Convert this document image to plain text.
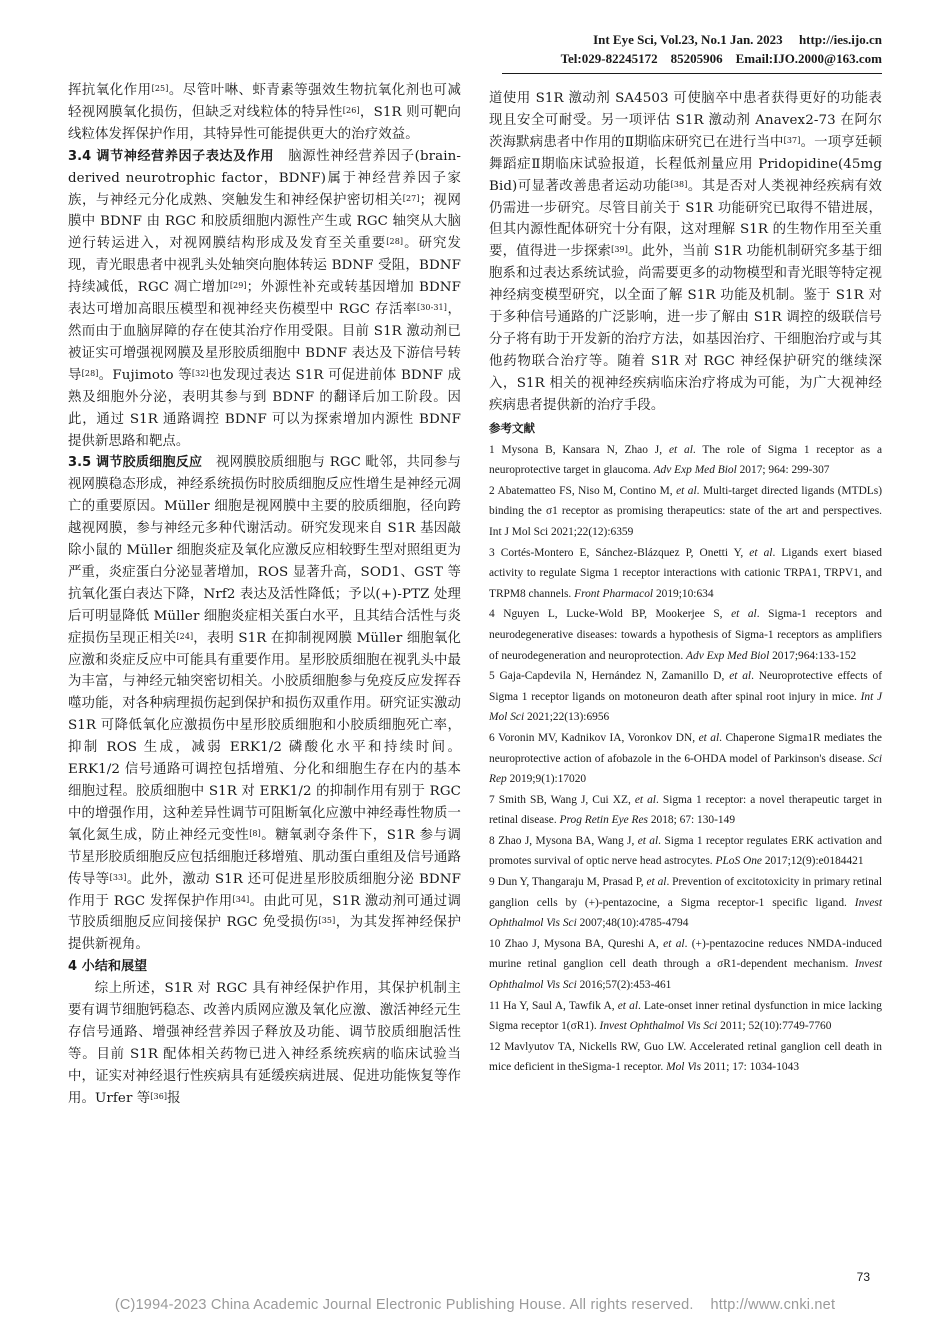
Int Eye Sci, Vol.23, No.1 Jan. 2023 http://ies.ijo.cn
Tel:029-82245172    85205906    Email:IJO.2000@163.com

挥抗氧化作用[25]。尽管叶啉、虾青素等强效生物抗氧化剂也可减轻视网膜氧化损伤，但缺乏对线粒体的特异性[26]，S1R 则可靶向线粒体发挥保护作用，其特异性可能提供更大的治疗效益。

3.4 调节神经营养因子表达及作用　脑源性神经营养因子(brain-derived neurotrophic factor，BDNF)属于神经营养因子家族，与神经元分化成熟、突触发生和神经保护密切相关[27]；视网膜中 BDNF 由 RGC 和胶质细胞内源性产生或 RGC 轴突从大脑逆行转运进入，对视网膜结构形成及发育至关重要[28]。研究发现，青光眼患者中视乳头处轴突向胞体转运 BDNF 受阻，BDNF 持续减低，RGC 凋亡增加[29]；外源性补充或转基因增加 BDNF 表达可增加高眼压模型和视神经夹伤模型中 RGC 存活率[30-31]，然而由于血脑屏障的存在使其治疗作用受限。目前 S1R 激动剂已被证实可增强视网膜及星形胶质细胞中 BDNF 表达及下游信号转导[28]。Fujimoto 等[32]也发现过表达 S1R 可促进前体 BDNF 成熟及细胞外分泌，表明其参与到 BDNF 的翻译后加工阶段。因此，通过 S1R 通路调控 BDNF 可以为探索增加内源性 BDNF 提供新思路和靶点。

3.5 调节胶质细胞反应　视网膜胶质细胞与 RGC 毗邻，共同参与视网膜稳态形成，神经系统损伤时胶质细胞反应性增生是神经元凋亡的重要原因。Müller 细胞是视网膜中主要的胶质细胞，径向跨越视网膜，参与神经元多种代谢活动。研究发现来自 S1R 基因敲除小鼠的 Müller 细胞炎症及氧化应激反应相较野生型对照组更为严重，炎症蛋白分泌显著增加，ROS 显著升高，SOD1、GST 等抗氧化蛋白表达下降，Nrf2 表达及活性降低；予以(+)-PTZ 处理后可明显降低 Müller 细胞炎症相关蛋白水平，且其结合活性与炎症损伤呈现正相关[24]，表明 S1R 在抑制视网膜 Müller 细胞氧化应激和炎症反应中可能具有重要作用。星形胶质细胞在视乳头中最为丰富，与神经元轴突密切相关。小胶质细胞参与免疫反应发挥吞噬功能，对各种病理损伤起到保护和损伤双重作用。研究证实激动 S1R 可降低氧化应激损伤中星形胶质细胞和小胶质细胞死亡率，抑制 ROS 生成，减弱 ERK1/2 磷酸化水平和持续时间。ERK1/2 信号通路可调控包括增殖、分化和细胞生存在内的基本细胞过程。胶质细胞中 S1R 对 ERK1/2 的抑制作用有别于 RGC 中的增强作用，这种差异性调节可阻断氧化应激中神经毒性物质一氧化氮生成，防止神经元变性[8]。糖氧剥夺条件下，S1R 参与调节星形胶质细胞反应包括细胞迁移增殖、肌动蛋白重组及信号通路传导等[33]。此外，激动 S1R 还可促进星形胶质细胞分泌 BDNF 作用于 RGC 发挥保护作用[34]。由此可见，S1R 激动剂可通过调节胶质细胞反应间接保护 RGC 免受损伤[35]，为其发挥神经保护提供新视角。

4 小结和展望

综上所述，S1R 对 RGC 具有神经保护作用，其保护机制主要有调节细胞钙稳态、改善内质网应激及氧化应激、激活神经元生存信号通路、增强神经营养因子释放及功能、调节胶质细胞活性等。目前 S1R 配体相关药物已进入神经系统疾病的临床试验当中，证实对神经退行性疾病具有延缓疾病进展、促进功能恢复等作用。Urfer 等[36]报

道使用 S1R 激动剂 SA4503 可使脑卒中患者获得更好的功能表现且安全可耐受。另一项评估 S1R 激动剂 Anavex2-73 在阿尔茨海默病患者中作用的Ⅱ期临床研究已在进行当中[37]。一项亨廷顿舞蹈症Ⅱ期临床试验报道，长程低剂量应用 Pridopidine(45mg Bid)可显著改善患者运动功能[38]。其是否对人类视神经疾病有效仍需进一步研究。尽管目前关于 S1R 功能研究已取得不错进展，但其内源性配体研究十分有限，这对理解 S1R 的生物作用至关重要，值得进一步探索[39]。此外，当前 S1R 功能机制研究多基于细胞系和过表达系统试验，尚需要更多的动物模型和青光眼等特定视神经病变模型研究，以全面了解 S1R 功能及机制。鉴于 S1R 对于多种信号通路的广泛影响，进一步了解由 S1R 调控的级联信号分子将有助于开发新的治疗方法，如基因治疗、干细胞治疗或与其他药物联合治疗等。随着 S1R 对 RGC 神经保护研究的继续深入，S1R 相关的视神经疾病临床治疗将成为可能，为广大视神经疾病患者提供新的治疗手段。

参考文献

1 Mysona B, Kansara N, Zhao J, et al. The role of Sigma 1 receptor as a neuroprotective target in glaucoma. Adv Exp Med Biol 2017; 964: 299-307

2 Abatematteo FS, Niso M, Contino M, et al. Multi-target directed ligands (MTDLs) binding the σ1 receptor as promising therapeutics: state of the art and perspectives. Int J Mol Sci 2021;22(12):6359

3 Cortés-Montero E, Sánchez-Blázquez P, Onetti Y, et al. Ligands exert biased activity to regulate Sigma 1 receptor interactions with cationic TRPA1, TRPV1, and TRPM8 channels. Front Pharmacol 2019;10:634

4 Nguyen L, Lucke-Wold BP, Mookerjee S, et al. Sigma-1 receptors and neurodegenerative diseases: towards a hypothesis of Sigma-1 receptors as amplifiers of neurodegeneration and neuroprotection. Adv Exp Med Biol 2017;964:133-152

5 Gaja-Capdevila N, Hernández N, Zamanillo D, et al. Neuroprotective effects of Sigma 1 receptor ligands on motoneuron death after spinal root injury in mice. Int J Mol Sci 2021;22(13):6956

6 Voronin MV, Kadnikov IA, Voronkov DN, et al. Chaperone Sigma1R mediates the neuroprotective action of afobazole in the 6-OHDA model of Parkinson's disease. Sci Rep 2019;9(1):17020

7 Smith SB, Wang J, Cui XZ, et al. Sigma 1 receptor: a novel therapeutic target in retinal disease. Prog Retin Eye Res 2018; 67: 130-149

8 Zhao J, Mysona BA, Wang J, et al. Sigma 1 receptor regulates ERK activation and promotes survival of optic nerve head astrocytes. PLoS One 2017;12(9):e0184421

9 Dun Y, Thangaraju M, Prasad P, et al. Prevention of excitotoxicity in primary retinal ganglion cells by (+)-pentazocine, a Sigma receptor-1 specific ligand. Invest Ophthalmol Vis Sci 2007;48(10):4785-4794

10 Zhao J, Mysona BA, Qureshi A, et al. (+)-pentazocine reduces NMDA-induced murine retinal ganglion cell death through a σR1-dependent mechanism. Invest Ophthalmol Vis Sci 2016;57(2):453-461

11 Ha Y, Saul A, Tawfik A, et al. Late-onset inner retinal dysfunction in mice lacking Sigma receptor 1(σR1). Invest Ophthalmol Vis Sci 2011; 52(10):7749-7760

12 Mavlyutov TA, Nickells RW, Guo LW. Accelerated retinal ganglion cell death in mice deficient in theSigma-1 receptor. Mol Vis 2011; 17: 1034-1043

73
(C)1994-2023 China Academic Journal Electronic Publishing House. All rights reserved.    http://www.cnki.net
